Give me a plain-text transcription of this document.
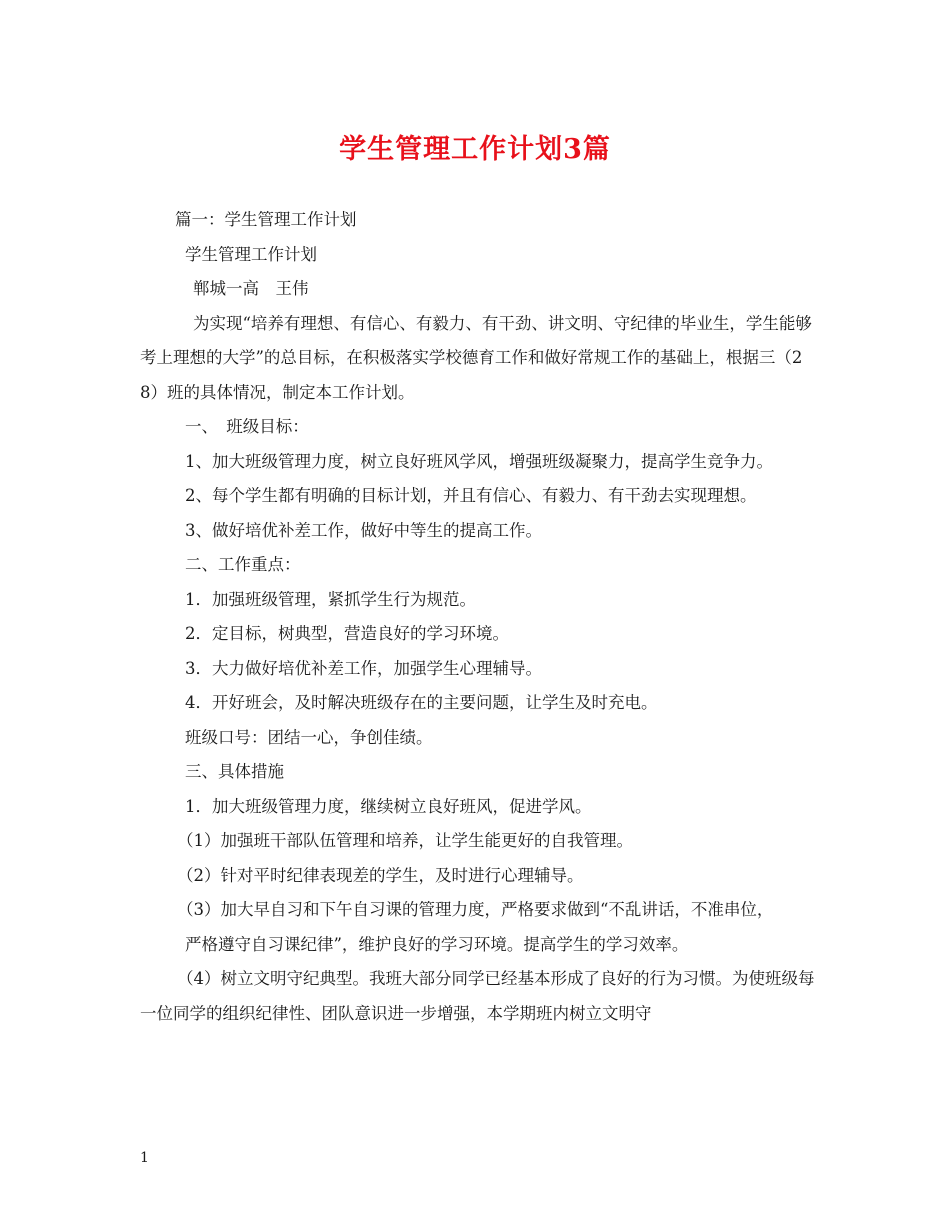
学生管理工作计划3篇

篇一：学生管理工作计划

学生管理工作计划

郸城一高　王伟

为实现“培养有理想、有信心、有毅力、有干劲、讲文明、守纪律的毕业生，学生能够考上理想的大学”的总目标，在积极落实学校德育工作和做好常规工作的基础上，根据三（28）班的具体情况，制定本工作计划。

一、　班级目标：

1、加大班级管理力度，树立良好班风学风，增强班级凝聚力，提高学生竞争力。

2、每个学生都有明确的目标计划，并且有信心、有毅力、有干劲去实现理想。

3、做好培优补差工作，做好中等生的提高工作。

二、工作重点：

1．加强班级管理，紧抓学生行为规范。

2．定目标，树典型，营造良好的学习环境。

3．大力做好培优补差工作，加强学生心理辅导。

4．开好班会，及时解决班级存在的主要问题，让学生及时充电。

班级口号：团结一心，争创佳绩。

三、具体措施

1．加大班级管理力度，继续树立良好班风，促进学风。

（1）加强班干部队伍管理和培养，让学生能更好的自我管理。

（2）针对平时纪律表现差的学生，及时进行心理辅导。

（3）加大早自习和下午自习课的管理力度，严格要求做到“不乱讲话，不准串位，

严格遵守自习课纪律”，维护良好的学习环境。提高学生的学习效率。

（4）树立文明守纪典型。我班大部分同学已经基本形成了良好的行为习惯。为使班级每一位同学的组织纪律性、团队意识进一步增强，本学期班内树立文明守

1
